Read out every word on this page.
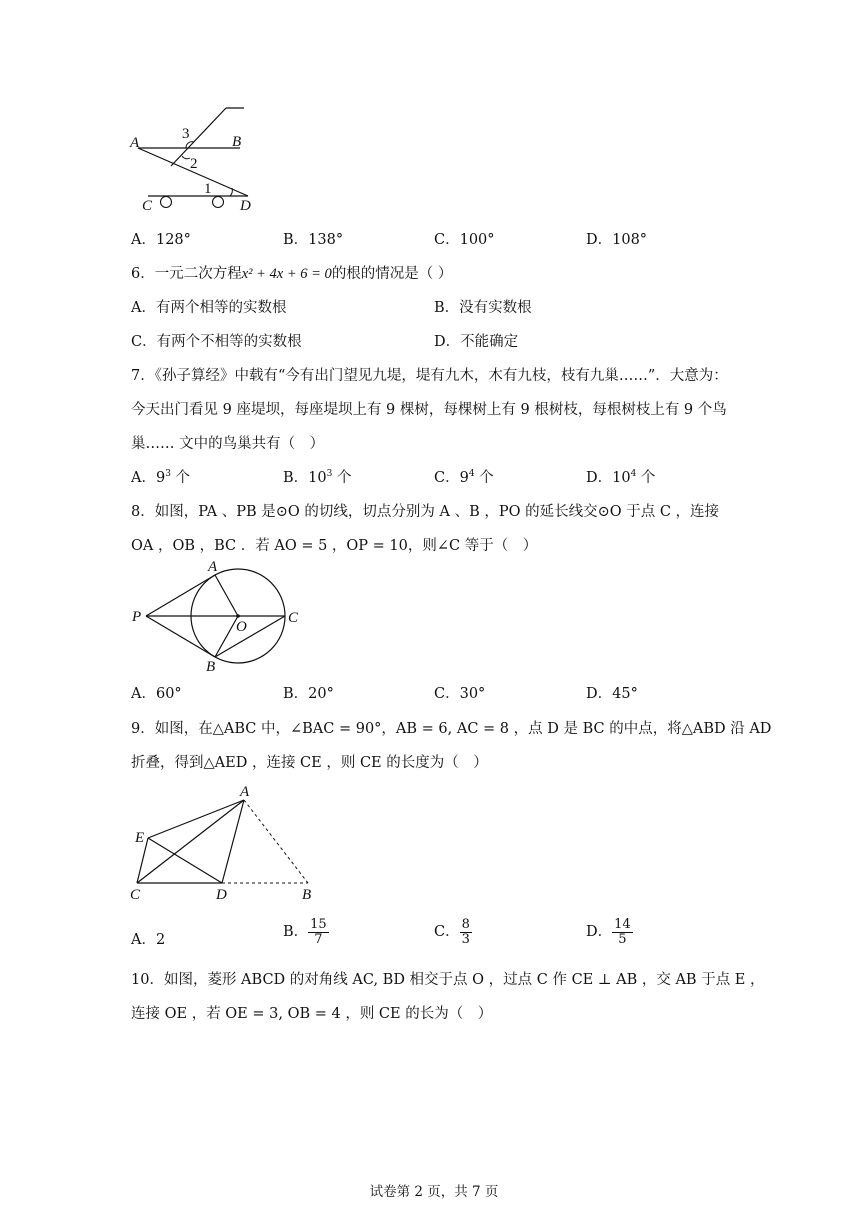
A	B
C	D
3
2
1
A．128°	B．138°	C．100°	D．108°
6．一元二次方程x² + 4x + 6 = 0的根的情况是（ ）
A．有两个相等的实数根	B．没有实数根
C．有两个不相等的实数根	D．不能确定
7．《孙子算经》中载有“今有出门望见九堤，堤有九木，木有九枝，枝有九巢……”．大意为：
今天出门看见 9 座堤坝，每座堤坝上有 9 棵树，每棵树上有 9 根树枝，每根树枝上有 9 个鸟
巢…… 文中的鸟巢共有（　）
A．$9^3$ 个	B．$10^3$ 个	C．$9^4$ 个	D．$10^4$ 个
8．如图，PA 、PB 是⊙O 的切线，切点分别为 A 、B ，PO 的延长线交⊙O 于点 C ，连接
OA ，OB ，BC ．若 AO = 5 ，OP = 10，则∠C 等于（　）
P
A
B
O
C
A．60°	B．20°	C．30°	D．45°
9．如图，在△ABC 中，∠BAC = 90°，AB = 6, AC = 8 ，点 D 是 BC 的中点，将△ABD 沿 AD
折叠，得到△AED ，连接 CE ，则 CE 的长度为（　）
A
E
C	D	B
A．2	B． $\frac{15}{7}$	C． $\frac{8}{3}$	D． $\frac{14}{5}$
10．如图，菱形 ABCD 的对角线 AC, BD 相交于点 O ，过点 C 作 CE ⊥ AB ，交 AB 于点 E ，
连接 OE ，若 OE = 3, OB = 4 ，则 CE 的长为（　）
试卷第 2 页，共 7 页
